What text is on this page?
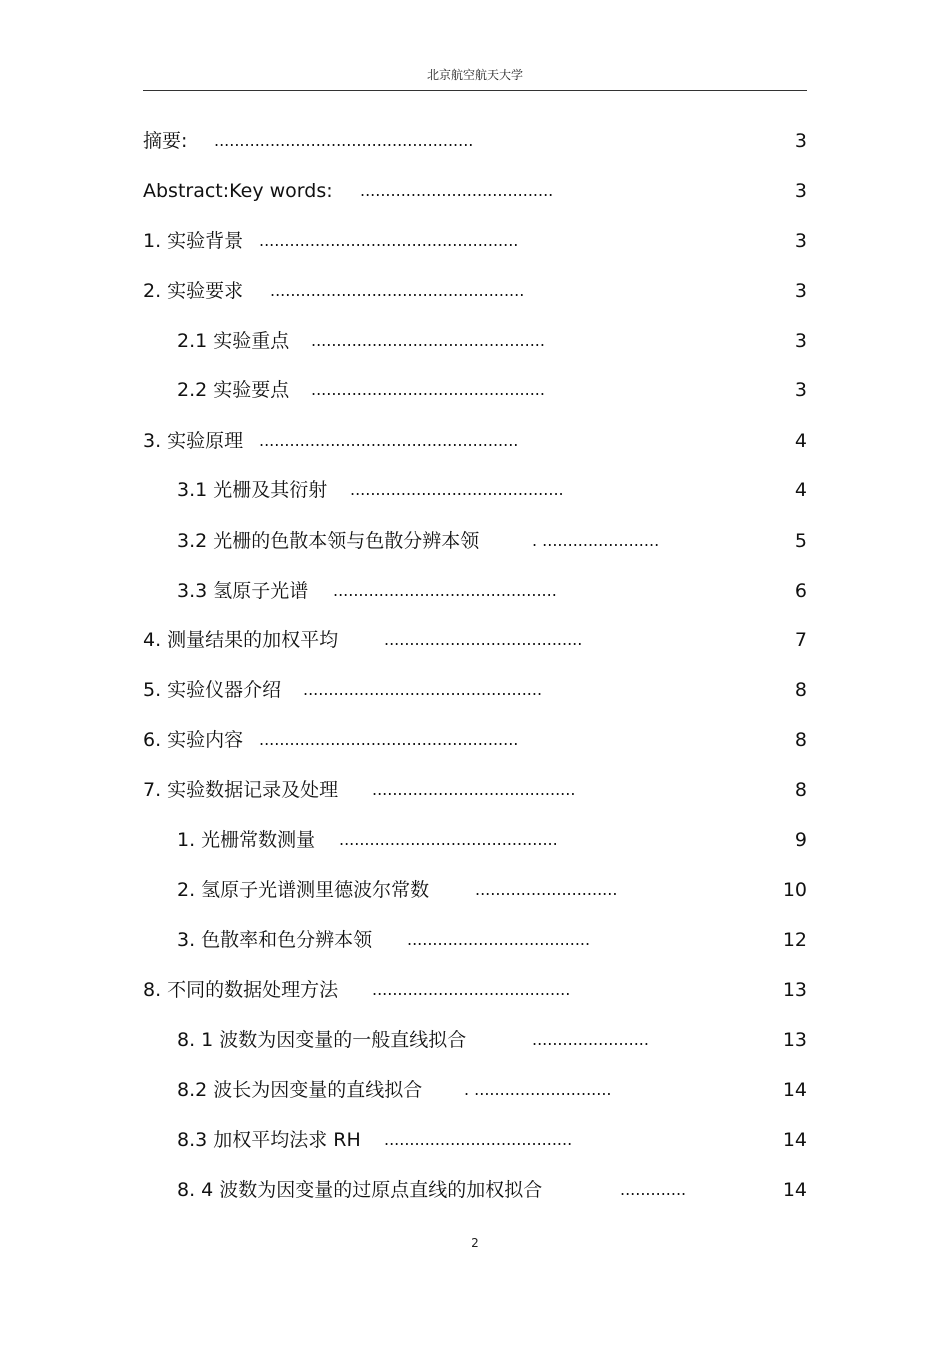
北京航空航天大学
摘要: ...................................................	3
Abstract:Key words: ......................................	3
1. 实验背景 ...................................................	3
2. 实验要求 ..................................................	3
2.1 实验重点 ..............................................	3
2.2 实验要点 ..............................................	3
3. 实验原理 ...................................................	4
3.1 光栅及其衍射 ..........................................	4
3.2 光栅的色散本领与色散分辨本领	. .......................	5
3.3 氢原子光谱 ............................................	6
4. 测量结果的加权平均	.......................................	7
5. 实验仪器介绍 ...............................................	8
6. 实验内容 ...................................................	8
7. 实验数据记录及处理 ........................................	8
1. 光栅常数测量 ...........................................	9
2. 氢原子光谱测里德波尔常数	............................	10
3. 色散率和色分辨本领 ....................................	12
8. 不同的数据处理方法 .......................................	13
8. 1 波数为因变量的一般直线拟合	.......................	13
8.2 波长为因变量的直线拟合	. ...........................	14
8.3 加权平均法求 RH .....................................	14
8. 4 波数为因变量的过原点直线的加权拟合	.............	14
2
